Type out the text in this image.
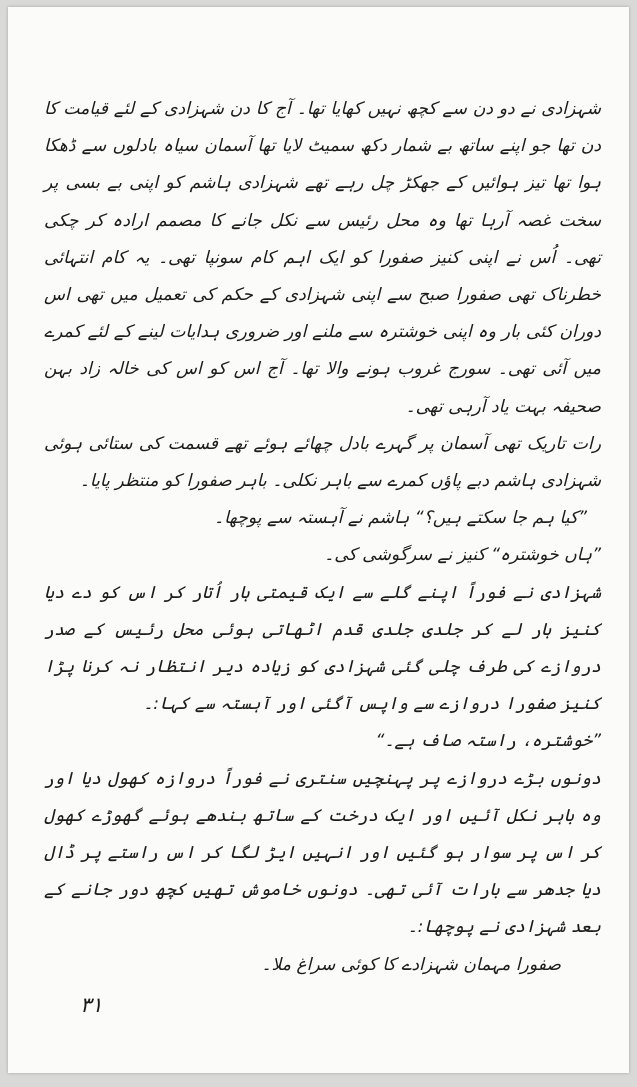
شہزادی نے دو دن سے کچھ نہیں کھایا تھا۔ آج کا دن شہزادی کے لئے قیامت کا دن تھا جو اپنے ساتھ بے شمار دکھ سمیٹ لایا تھا آسمان سیاہ بادلوں سے ڈھکا ہوا تھا تیز ہوائیں کے جھکڑ چل رہے تھے شہزادی ہاشم کو اپنی بے بسی پر سخت غصہ آرہا تھا وہ محل رئیس سے نکل جانے کا مصمم ارادہ کر چکی تھی۔ اُس نے اپنی کنیز صفورا کو ایک اہم کام سونپا تھی۔ یہ کام انتہائی خطرناک تھی صفورا صبح سے اپنی شہزادی کے حکم کی تعمیل میں تھی اس دوران کئی بار وہ اپنی خوشترہ سے ملنے اور ضروری ہدایات لینے کے لئے کمرے میں آئی تھی۔ سورج غروب ہونے والا تھا۔ آج اس کو اس کی خالہ زاد بہن صحیفہ بہت یاد آرہی تھی۔

رات تاریک تھی آسمان پر گہرے بادل چھائے ہوئے تھے قسمت کی ستائی ہوئی شہزادی ہاشم دبے پاؤں کمرے سے باہر نکلی۔ باہر صفورا کو منتظر پایا۔

”کیا ہم جا سکتے ہیں؟“ ہاشم نے آہستہ سے پوچھا۔

”ہاں خوشترہ“ کنیز نے سرگوشی کی۔

شہزادی نے فوراً اپنے گلے سے ایک قیمتی ہار اُتار کر اس کو دے دیا کنیز ہار لے کر جلدی جلدی قدم اٹھاتی ہوئی محل رئیس کے صدر دروازے کی طرف چلی گئی شہزادی کو زیادہ دیر انتظار نہ کرنا پڑا کنیز صفورا دروازے سے واپس آگئی اور آہستہ سے کہا:۔

”خوشترہ، راستہ صاف ہے۔“

دونوں بڑے دروازے پر پہنچیں سنتری نے فوراً دروازہ کھول دیا اور وہ باہر نکل آئیں اور ایک درخت کے ساتھ بندھے ہوئے گھوڑے کھول کر اس پر سوار ہو گئیں اور انہیں ایڑ لگا کر اس راستے پر ڈال دیا جدھر سے بارات آئی تھی۔ دونوں خاموش تھیں کچھ دور جانے کے بعد شہزادی نے پوچھا:۔

صفورا مہمان شہزادے کا کوئی سراغ ملا۔

۳۱
